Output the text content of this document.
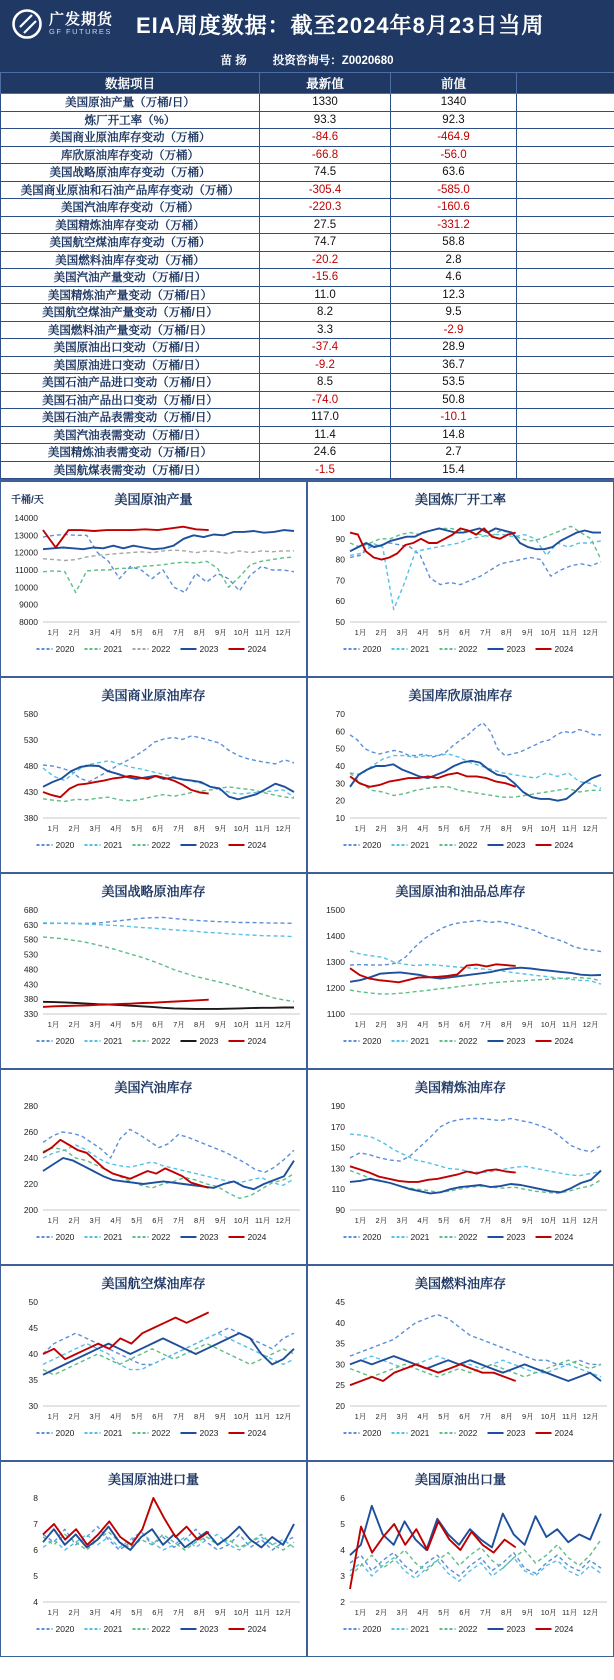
广发期货
GF FUTURES EIA周度数据：截至2024年8月23日当周
苗 扬 投资咨询号：Z0020680
数据项目	最新值	前值	
美国原油产量（万桶/日）	1330	1340	
炼厂开工率（%）	93.3	92.3	
美国商业原油库存变动（万桶）	-84.6	-464.9	
库欣原油库存变动（万桶）	-66.8	-56.0	
美国战略原油库存变动（万桶）	74.5	63.6	
美国商业原油和石油产品库存变动（万桶）	-305.4	-585.0	
美国汽油库存变动（万桶）	-220.3	-160.6	
美国精炼油库存变动（万桶）	27.5	-331.2	
美国航空煤油库存变动（万桶）	74.7	58.8	
美国燃料油库存变动（万桶）	-20.2	2.8	
美国汽油产量变动（万桶/日）	-15.6	4.6	
美国精炼油产量变动（万桶/日）	11.0	12.3	
美国航空煤油产量变动（万桶/日）	8.2	9.5	
美国燃料油产量变动（万桶/日）	3.3	-2.9	
美国原油出口变动（万桶/日）	-37.4	28.9	
美国原油进口变动（万桶/日）	-9.2	36.7	
美国石油产品进口变动（万桶/日）	8.5	53.5	
美国石油产品出口变动（万桶/日）	-74.0	50.8	
美国石油产品表需变动（万桶/日）	117.0	-10.1	
美国汽油表需变动（万桶/日）	11.4	14.8	
美国精炼油表需变动（万桶/日）	24.6	2.7	
美国航煤表需变动（万桶/日）	-1.5	15.4	
美国原油产量
千桶/天
8000
9000
10000
11000
12000
13000
14000
1月 2月 3月 4月 5月 6月 7月 8月 9月 10月 11月 12月
2020	2021	2022	2023	2024
美国炼厂开工率
50
60
70
80
90
100
1月 2月 3月 4月 5月 6月 7月 8月 9月 10月 11月 12月
2020	2021	2022	2023	2024
美国商业原油库存
380
430
480
530
580
1月 2月 3月 4月 5月 6月 7月 8月 9月 10月 11月 12月
2020	2021	2022	2023	2024
美国库欣原油库存
10
20
30
40
50
60
70
1月 2月 3月 4月 5月 6月 7月 8月 9月 10月 11月 12月
2020	2021	2022	2023	2024
美国战略原油库存
330
380
430
480
530
580
630
680
1月 2月 3月 4月 5月 6月 7月 8月 9月 10月 11月 12月
2020	2021	2022	2023	2024
美国原油和油品总库存
1100
1200
1300
1400
1500
1月 2月 3月 4月 5月 6月 7月 8月 9月 10月 11月 12月
2020	2021	2022	2023	2024
美国汽油库存
200
220
240
260
280
1月 2月 3月 4月 5月 6月 7月 8月 9月 10月 11月 12月
2020	2021	2022	2023	2024
美国精炼油库存
90
110
130
150
170
190
1月 2月 3月 4月 5月 6月 7月 8月 9月 10月 11月 12月
2020	2021	2022	2023	2024
美国航空煤油库存
30
35
40
45
50
1月 2月 3月 4月 5月 6月 7月 8月 9月 10月 11月 12月
2020	2021	2022	2023	2024
美国燃料油库存
20
25
30
35
40
45
1月 2月 3月 4月 5月 6月 7月 8月 9月 10月 11月 12月
2020	2021	2022	2023	2024
美国原油进口量
4
5
6
7
8
1月 2月 3月 4月 5月 6月 7月 8月 9月 10月 11月 12月
2020	2021	2022	2023	2024
美国原油出口量
2
3
4
5
6
1月 2月 3月 4月 5月 6月 7月 8月 9月 10月 11月 12月
2020	2021	2022	2023	2024
